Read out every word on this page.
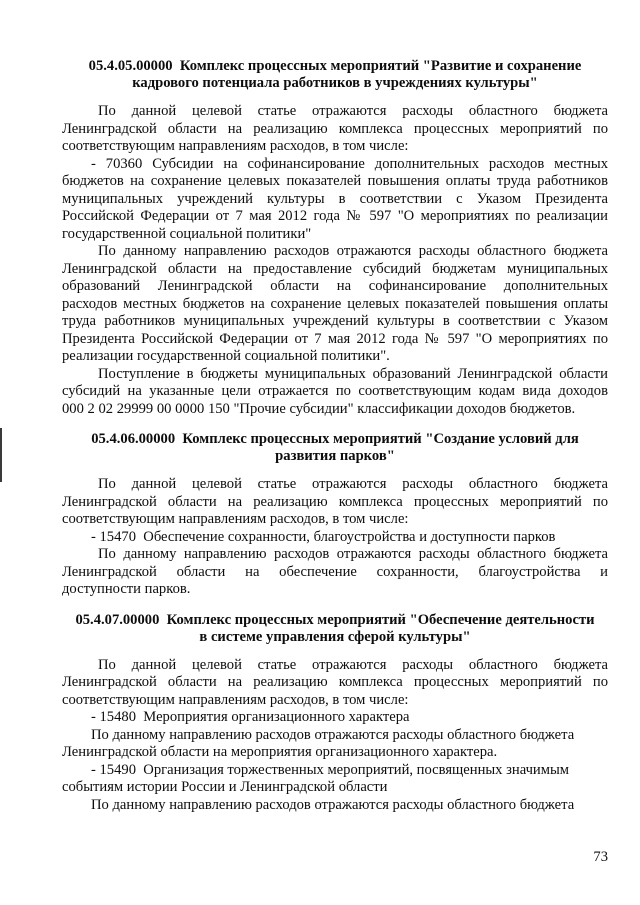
05.4.05.00000  Комплекс процессных мероприятий "Развитие и сохранение
кадрового потенциала работников в учреждениях культуры"
По данной целевой статье отражаются расходы областного бюджета
Ленинградской области на реализацию комплекса процессных мероприятий по
соответствующим направлениям расходов, в том числе:
- 70360 Субсидии на софинансирование дополнительных расходов местных
бюджетов на сохранение целевых показателей повышения оплаты труда работников
муниципальных учреждений культуры в соответствии с Указом Президента
Российской Федерации от 7 мая 2012 года № 597 "О мероприятиях по реализации
государственной социальной политики"
По данному направлению расходов отражаются расходы областного бюджета
Ленинградской области на предоставление субсидий бюджетам муниципальных
образований Ленинградской области на софинансирование дополнительных
расходов местных бюджетов на сохранение целевых показателей повышения оплаты
труда работников муниципальных учреждений культуры в соответствии с Указом
Президента Российской Федерации от 7 мая 2012 года № 597 "О мероприятиях по
реализации государственной социальной политики".
Поступление в бюджеты муниципальных образований Ленинградской области
субсидий на указанные цели отражается по соответствующим кодам вида доходов
000 2 02 29999 00 0000 150 "Прочие субсидии" классификации доходов бюджетов.
05.4.06.00000  Комплекс процессных мероприятий "Создание условий для
развития парков"
По данной целевой статье отражаются расходы областного бюджета
Ленинградской области на реализацию комплекса процессных мероприятий по
соответствующим направлениям расходов, в том числе:
- 15470  Обеспечение сохранности, благоустройства и доступности парков
По данному направлению расходов отражаются расходы областного бюджета
Ленинградской области на обеспечение сохранности, благоустройства и
доступности парков.
05.4.07.00000  Комплекс процессных мероприятий "Обеспечение деятельности
в системе управления сферой культуры"
По данной целевой статье отражаются расходы областного бюджета
Ленинградской области на реализацию комплекса процессных мероприятий по
соответствующим направлениям расходов, в том числе:
- 15480  Мероприятия организационного характера
По данному направлению расходов отражаются расходы областного бюджета
Ленинградской области на мероприятия организационного характера.
- 15490  Организация торжественных мероприятий, посвященных значимым
событиям истории России и Ленинградской области
По данному направлению расходов отражаются расходы областного бюджета
73
